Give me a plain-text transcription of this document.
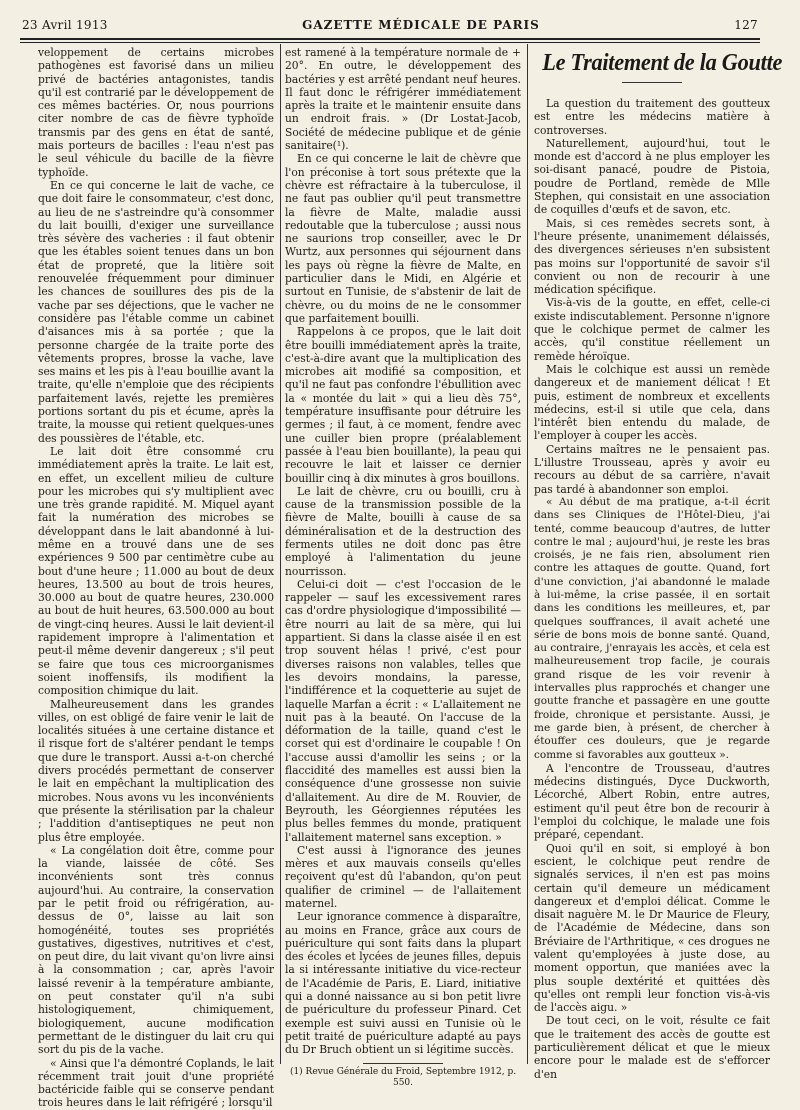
23 Avril 1913	GAZETTE MÉDICALE DE PARIS	127

veloppement de certains microbes pathogènes est favorisé dans un milieu privé de bactéries antagonistes, tandis qu'il est contrarié par le développement de ces mêmes bactéries. Or, nous pourrions citer nombre de cas de fièvre typhoïde transmis par des gens en état de santé, mais porteurs de bacilles : l'eau n'est pas le seul véhicule du bacille de la fièvre typhoïde.

En ce qui concerne le lait de vache, ce que doit faire le consommateur, c'est donc, au lieu de ne s'astreindre qu'à consommer du lait bouilli, d'exiger une surveillance très sévère des vacheries : il faut obtenir que les étables soient tenues dans un bon état de propreté, que la litière soit renouvelée fréquemment pour diminuer les chances de souillures des pis de la vache par ses déjections, que le vacher ne considère pas l'étable comme un cabinet d'aisances mis à sa portée ; que la personne chargée de la traite porte des vêtements propres, brosse la vache, lave ses mains et les pis à l'eau bouillie avant la traite, qu'elle n'emploie que des récipients parfaitement lavés, rejette les premières portions sortant du pis et écume, après la traite, la mousse qui retient quelques-unes des poussières de l'étable, etc.

Le lait doit être consommé cru immédiatement après la traite. Le lait est, en effet, un excellent milieu de culture pour les microbes qui s'y multiplient avec une très grande rapidité. M. Miquel ayant fait la numération des microbes se développant dans le lait abandonné à lui-même en a trouvé dans une de ses expériences 9 500 par centimètre cube au bout d'une heure ; 11.000 au bout de deux heures, 13.500 au bout de trois heures, 30.000 au bout de quatre heures, 230.000 au bout de huit heures, 63.500.000 au bout de vingt-cinq heures. Aussi le lait devient-il rapidement impropre à l'alimentation et peut-il même devenir dangereux ; s'il peut se faire que tous ces microorganismes soient inoffensifs, ils modifient la composition chimique du lait.

Malheureusement dans les grandes villes, on est obligé de faire venir le lait de localités situées à une certaine distance et il risque fort de s'altérer pendant le temps que dure le transport. Aussi a-t-on cherché divers procédés permettant de conserver le lait en empêchant la multiplication des microbes. Nous avons vu les inconvénients que présente la stérilisation par la chaleur ; l'addition d'antiseptiques ne peut non plus être employée.

« La congélation doit être, comme pour la viande, laissée de côté. Ses inconvénients sont très connus aujourd'hui. Au contraire, la conservation par le petit froid ou réfrigération, au-dessus de 0°, laisse au lait son homogénéité, toutes ses propriétés gustatives, digestives, nutritives et c'est, on peut dire, du lait vivant qu'on livre ainsi à la consommation ; car, après l'avoir laissé revenir à la température ambiante, on peut constater qu'il n'a subi histologiquement, chimiquement, biologiquement, aucune modification permettant de le distinguer du lait cru qui sort du pis de la vache.

« Ainsi que l'a démontré Coplands, le lait récemment trait jouit d'une propriété bactéricide faible qui se conserve pendant trois heures dans le lait réfrigéré ; lorsqu'il

est ramené à la température normale de + 20°. En outre, le développement des bactéries y est arrêté pendant neuf heures. Il faut donc le réfrigérer immédiatement après la traite et le maintenir ensuite dans un endroit frais. » (Dr Lostat-Jacob, Société de médecine publique et de génie sanitaire(¹).

En ce qui concerne le lait de chèvre que l'on préconise à tort sous prétexte que la chèvre est réfractaire à la tuberculose, il ne faut pas oublier qu'il peut transmettre la fièvre de Malte, maladie aussi redoutable que la tuberculose ; aussi nous ne saurions trop conseiller, avec le Dr Wurtz, aux personnes qui séjournent dans les pays où règne la fièvre de Malte, en particulier dans le Midi, en Algérie et surtout en Tunisie, de s'abstenir de lait de chèvre, ou du moins de ne le consommer que parfaitement bouilli.

Rappelons à ce propos, que le lait doit être bouilli immédiatement après la traite, c'est-à-dire avant que la multiplication des microbes ait modifié sa composition, et qu'il ne faut pas confondre l'ébullition avec la « montée du lait » qui a lieu dès 75°, température insuffisante pour détruire les germes ; il faut, à ce moment, fendre avec une cuiller bien propre (préalablement passée à l'eau bien bouillante), la peau qui recouvre le lait et laisser ce dernier bouillir cinq à dix minutes à gros bouillons.

Le lait de chèvre, cru ou bouilli, cru à cause de la transmission possible de la fièvre de Malte, bouilli à cause de sa déminéralisation et de la destruction des ferments utiles ne doit donc pas être employé à l'alimentation du jeune nourrisson.

Celui-ci doit — c'est l'occasion de le rappeler — sauf les excessivement rares cas d'ordre physiologique d'impossibilité — être nourri au lait de sa mère, qui lui appartient. Si dans la classe aisée il en est trop souvent hélas ! privé, c'est pour diverses raisons non valables, telles que les devoirs mondains, la paresse, l'indifférence et la coquetterie au sujet de laquelle Marfan a écrit : « L'allaitement ne nuit pas à la beauté. On l'accuse de la déformation de la taille, quand c'est le corset qui est d'ordinaire le coupable ! On l'accuse aussi d'amollir les seins ; or la flaccidité des mamelles est aussi bien la conséquence d'une grossesse non suivie d'allaitement. Au dire de M. Rouvier, de Beyrouth, les Géorgiennes réputées les plus belles femmes du monde, pratiquent l'allaitement maternel sans exception. »

C'est aussi à l'ignorance des jeunes mères et aux mauvais conseils qu'elles reçoivent qu'est dû l'abandon, qu'on peut qualifier de criminel — de l'allaitement maternel.

Leur ignorance commence à disparaître, au moins en France, grâce aux cours de puériculture qui sont faits dans la plupart des écoles et lycées de jeunes filles, depuis la si intéressante initiative du vice-recteur de l'Académie de Paris, E. Liard, initiative qui a donné naissance au si bon petit livre de puériculture du professeur Pinard. Cet exemple est suivi aussi en Tunisie où le petit traité de puériculture adapté au pays du Dr Bruch obtient un si légitime succès.

(1) Revue Générale du Froid, Septembre 1912, p. 550.

Le Traitement de la Goutte

La question du traitement des goutteux est entre les médecins matière à controverses.

Naturellement, aujourd'hui, tout le monde est d'accord à ne plus employer les soi-disant panacé, poudre de Pistoia, poudre de Portland, remède de Mlle Stephen, qui consistait en une association de coquilles d'œufs et de savon, etc.

Mais, si ces remèdes secrets sont, à l'heure présente, unanimement délaissés, des divergences sérieuses n'en subsistent pas moins sur l'opportunité de savoir s'il convient ou non de recourir à une médication spécifique.

Vis-à-vis de la goutte, en effet, celle-ci existe indiscutablement. Personne n'ignore que le colchique permet de calmer les accès, qu'il constitue réellement un remède héroïque.

Mais le colchique est aussi un remède dangereux et de maniement délicat ! Et puis, estiment de nombreux et excellents médecins, est-il si utile que cela, dans l'intérêt bien entendu du malade, de l'employer à couper les accès.

Certains maîtres ne le pensaient pas. L'illustre Trousseau, après y avoir eu recours au début de sa carrière, n'avait pas tardé à abandonner son emploi.

« Au début de ma pratique, a-t-il écrit dans ses Cliniques de l'Hôtel-Dieu, j'ai tenté, comme beaucoup d'autres, de lutter contre le mal ; aujourd'hui, je reste les bras croisés, je ne fais rien, absolument rien contre les attaques de goutte. Quand, fort d'une conviction, j'ai abandonné le malade à lui-même, la crise passée, il en sortait dans les conditions les meilleures, et, par quelques souffrances, il avait acheté une série de bons mois de bonne santé. Quand, au contraire, j'enrayais les accès, et cela est malheureusement trop facile, je courais grand risque de les voir revenir à intervalles plus rapprochés et changer une goutte franche et passagère en une goutte froide, chronique et persistante. Aussi, je me garde bien, à présent, de chercher à étouffer ces douleurs, que je regarde comme si favorables aux goutteux ».

A l'encontre de Trousseau, d'autres médecins distingués, Dyce Duckworth, Lécorché, Albert Robin, entre autres, estiment qu'il peut être bon de recourir à l'emploi du colchique, le malade une fois préparé, cependant.

Quoi qu'il en soit, si employé à bon escient, le colchique peut rendre de signalés services, il n'en est pas moins certain qu'il demeure un médicament dangereux et d'emploi délicat. Comme le disait naguère M. le Dr Maurice de Fleury, de l'Académie de Médecine, dans son Bréviaire de l'Arthritique, « ces drogues ne valent qu'employées à juste dose, au moment opportun, que maniées avec la plus souple dextérité et quittées dès qu'elles ont rempli leur fonction vis-à-vis de l'accès aigu. »

De tout ceci, on le voit, résulte ce fait que le traitement des accès de goutte est particulièrement délicat et que le mieux encore pour le malade est de s'efforcer d'en
